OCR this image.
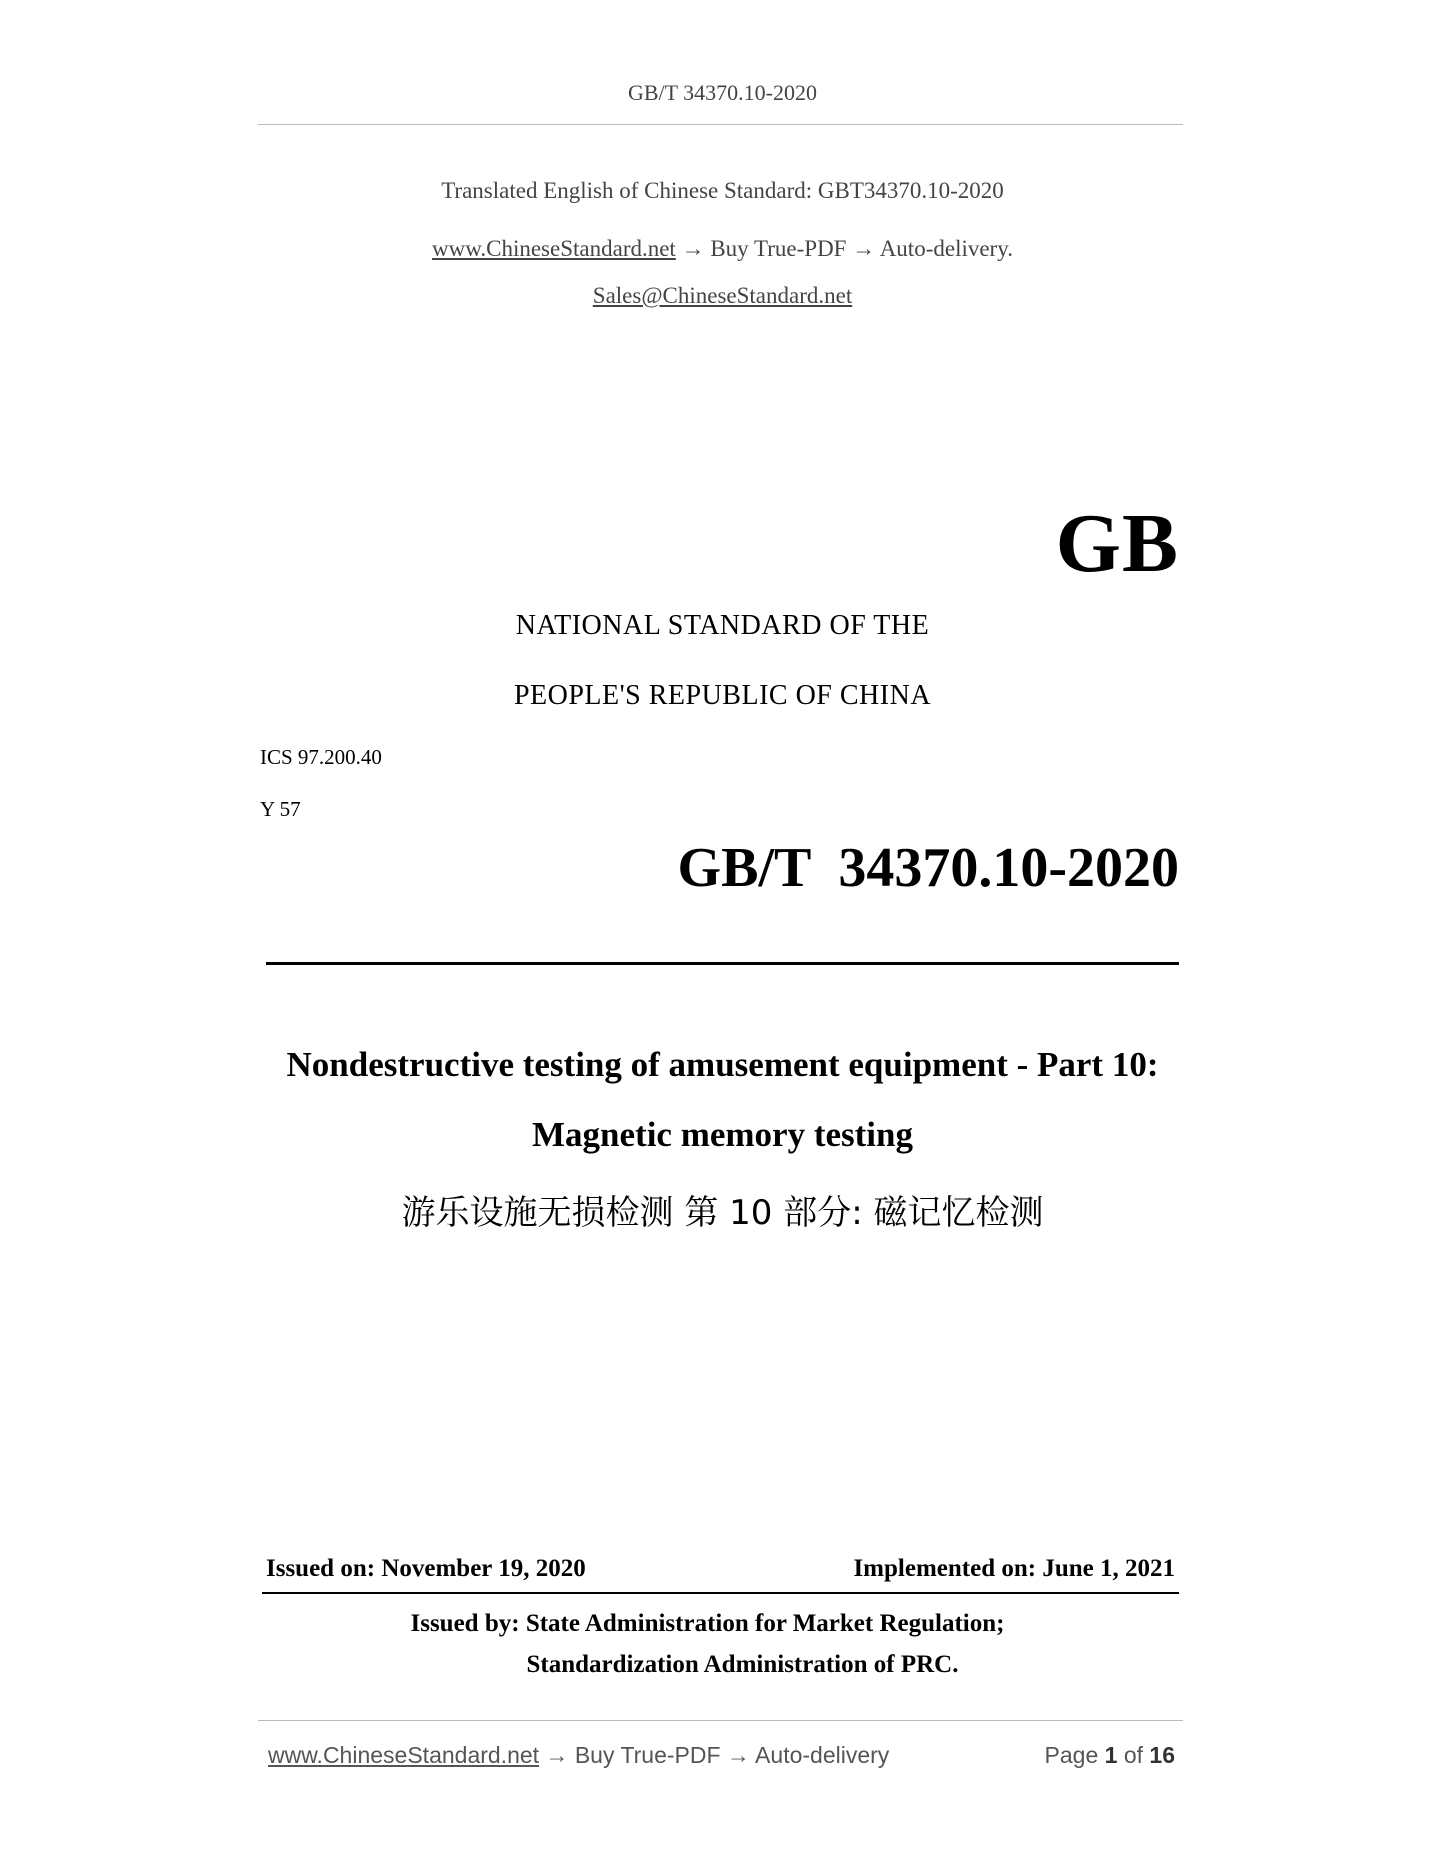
GB/T 34370.10-2020
Translated English of Chinese Standard: GBT34370.10-2020
www.ChineseStandard.net → Buy True-PDF → Auto-delivery.
Sales@ChineseStandard.net
GB
NATIONAL STANDARD OF THE
PEOPLE'S REPUBLIC OF CHINA
ICS 97.200.40
Y 57
GB/T  34370.10-2020
Nondestructive testing of amusement equipment - Part 10:
Magnetic memory testing
游乐设施无损检测 第 10 部分: 磁记忆检测
Issued on: November 19, 2020	Implemented on: June 1, 2021
Issued by: State Administration for Market Regulation;
Standardization Administration of PRC.
www.ChineseStandard.net → Buy True-PDF → Auto-delivery	Page 1 of 16
